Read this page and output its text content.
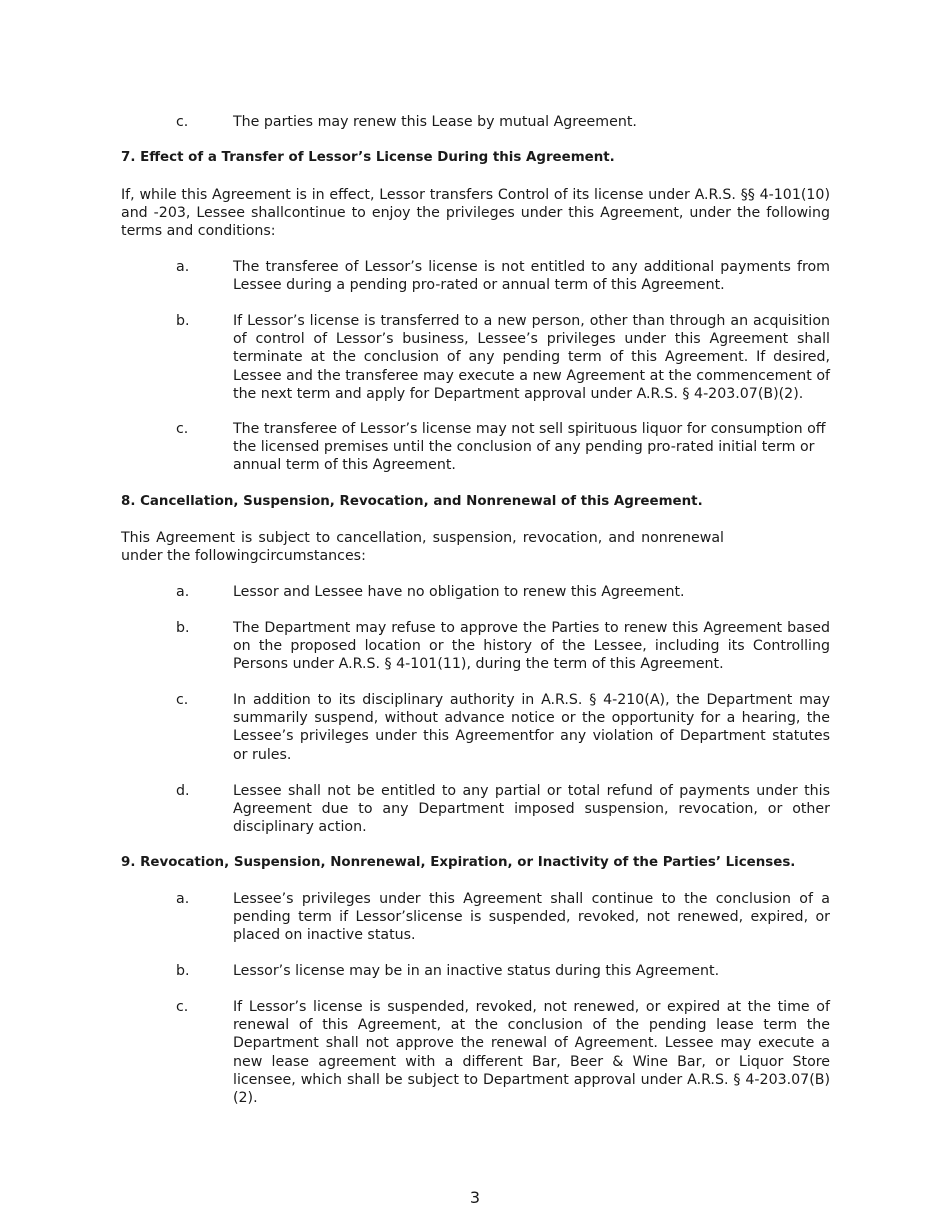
c.	The parties may renew this Lease by mutual Agreement.
7. Effect of a Transfer of Lessor’s License During this Agreement.
If, while this Agreement is in effect, Lessor transfers Control of its license under A.R.S. §§ 4-101(10) and -203, Lessee shallcontinue to enjoy the privileges under this Agreement, under the following terms and conditions:
a.	The transferee of Lessor’s license is not entitled to any additional payments from Lessee during a pending pro-rated or annual term of this Agreement.
b.	If Lessor’s license is transferred to a new person, other than through an acquisition of control of Lessor’s business, Lessee’s privileges under this Agreement shall terminate at the conclusion of any pending term of this Agreement. If desired, Lessee and the transferee may execute a new Agreement at the commencement of the next term and apply for Department approval under A.R.S. § 4-203.07(B)(2).
c.	The transferee of Lessor’s license may not sell spirituous liquor for consumption off the licensed premises until the conclusion of any pending pro-rated initial term or annual term of this Agreement.
8. Cancellation, Suspension, Revocation, and Nonrenewal of this Agreement.
This Agreement is subject to cancellation, suspension, revocation, and nonrenewal
under the followingcircumstances:
a.	Lessor and Lessee have no obligation to renew this Agreement.
b.	The Department may refuse to approve the Parties to renew this Agreement based on the proposed location or the history of the Lessee, including its Controlling Persons under A.R.S. § 4-101(11), during the term of this Agreement.
c.	In addition to its disciplinary authority in A.R.S. § 4-210(A), the Department may summarily suspend, without advance notice or the opportunity for a hearing, the Lessee’s privileges under this Agreementfor any violation of Department statutes or rules.
d.	Lessee shall not be entitled to any partial or total refund of payments under this Agreement due to any Department imposed suspension, revocation, or other disciplinary action.
9. Revocation, Suspension, Nonrenewal, Expiration, or Inactivity of the Parties’ Licenses.
a.	Lessee’s privileges under this Agreement shall continue to the conclusion of a pending term if Lessor’slicense is suspended, revoked, not renewed, expired, or placed on inactive status.
b.	Lessor’s license may be in an inactive status during this Agreement.
c.	If Lessor’s license is suspended, revoked, not renewed, or expired at the time of renewal of this Agreement, at the conclusion of the pending lease term the Department shall not approve the renewal of Agreement. Lessee may execute a new lease agreement with a different Bar, Beer & Wine Bar, or Liquor Store licensee, which shall be subject to Department approval under A.R.S. § 4-203.07(B)(2).
3
